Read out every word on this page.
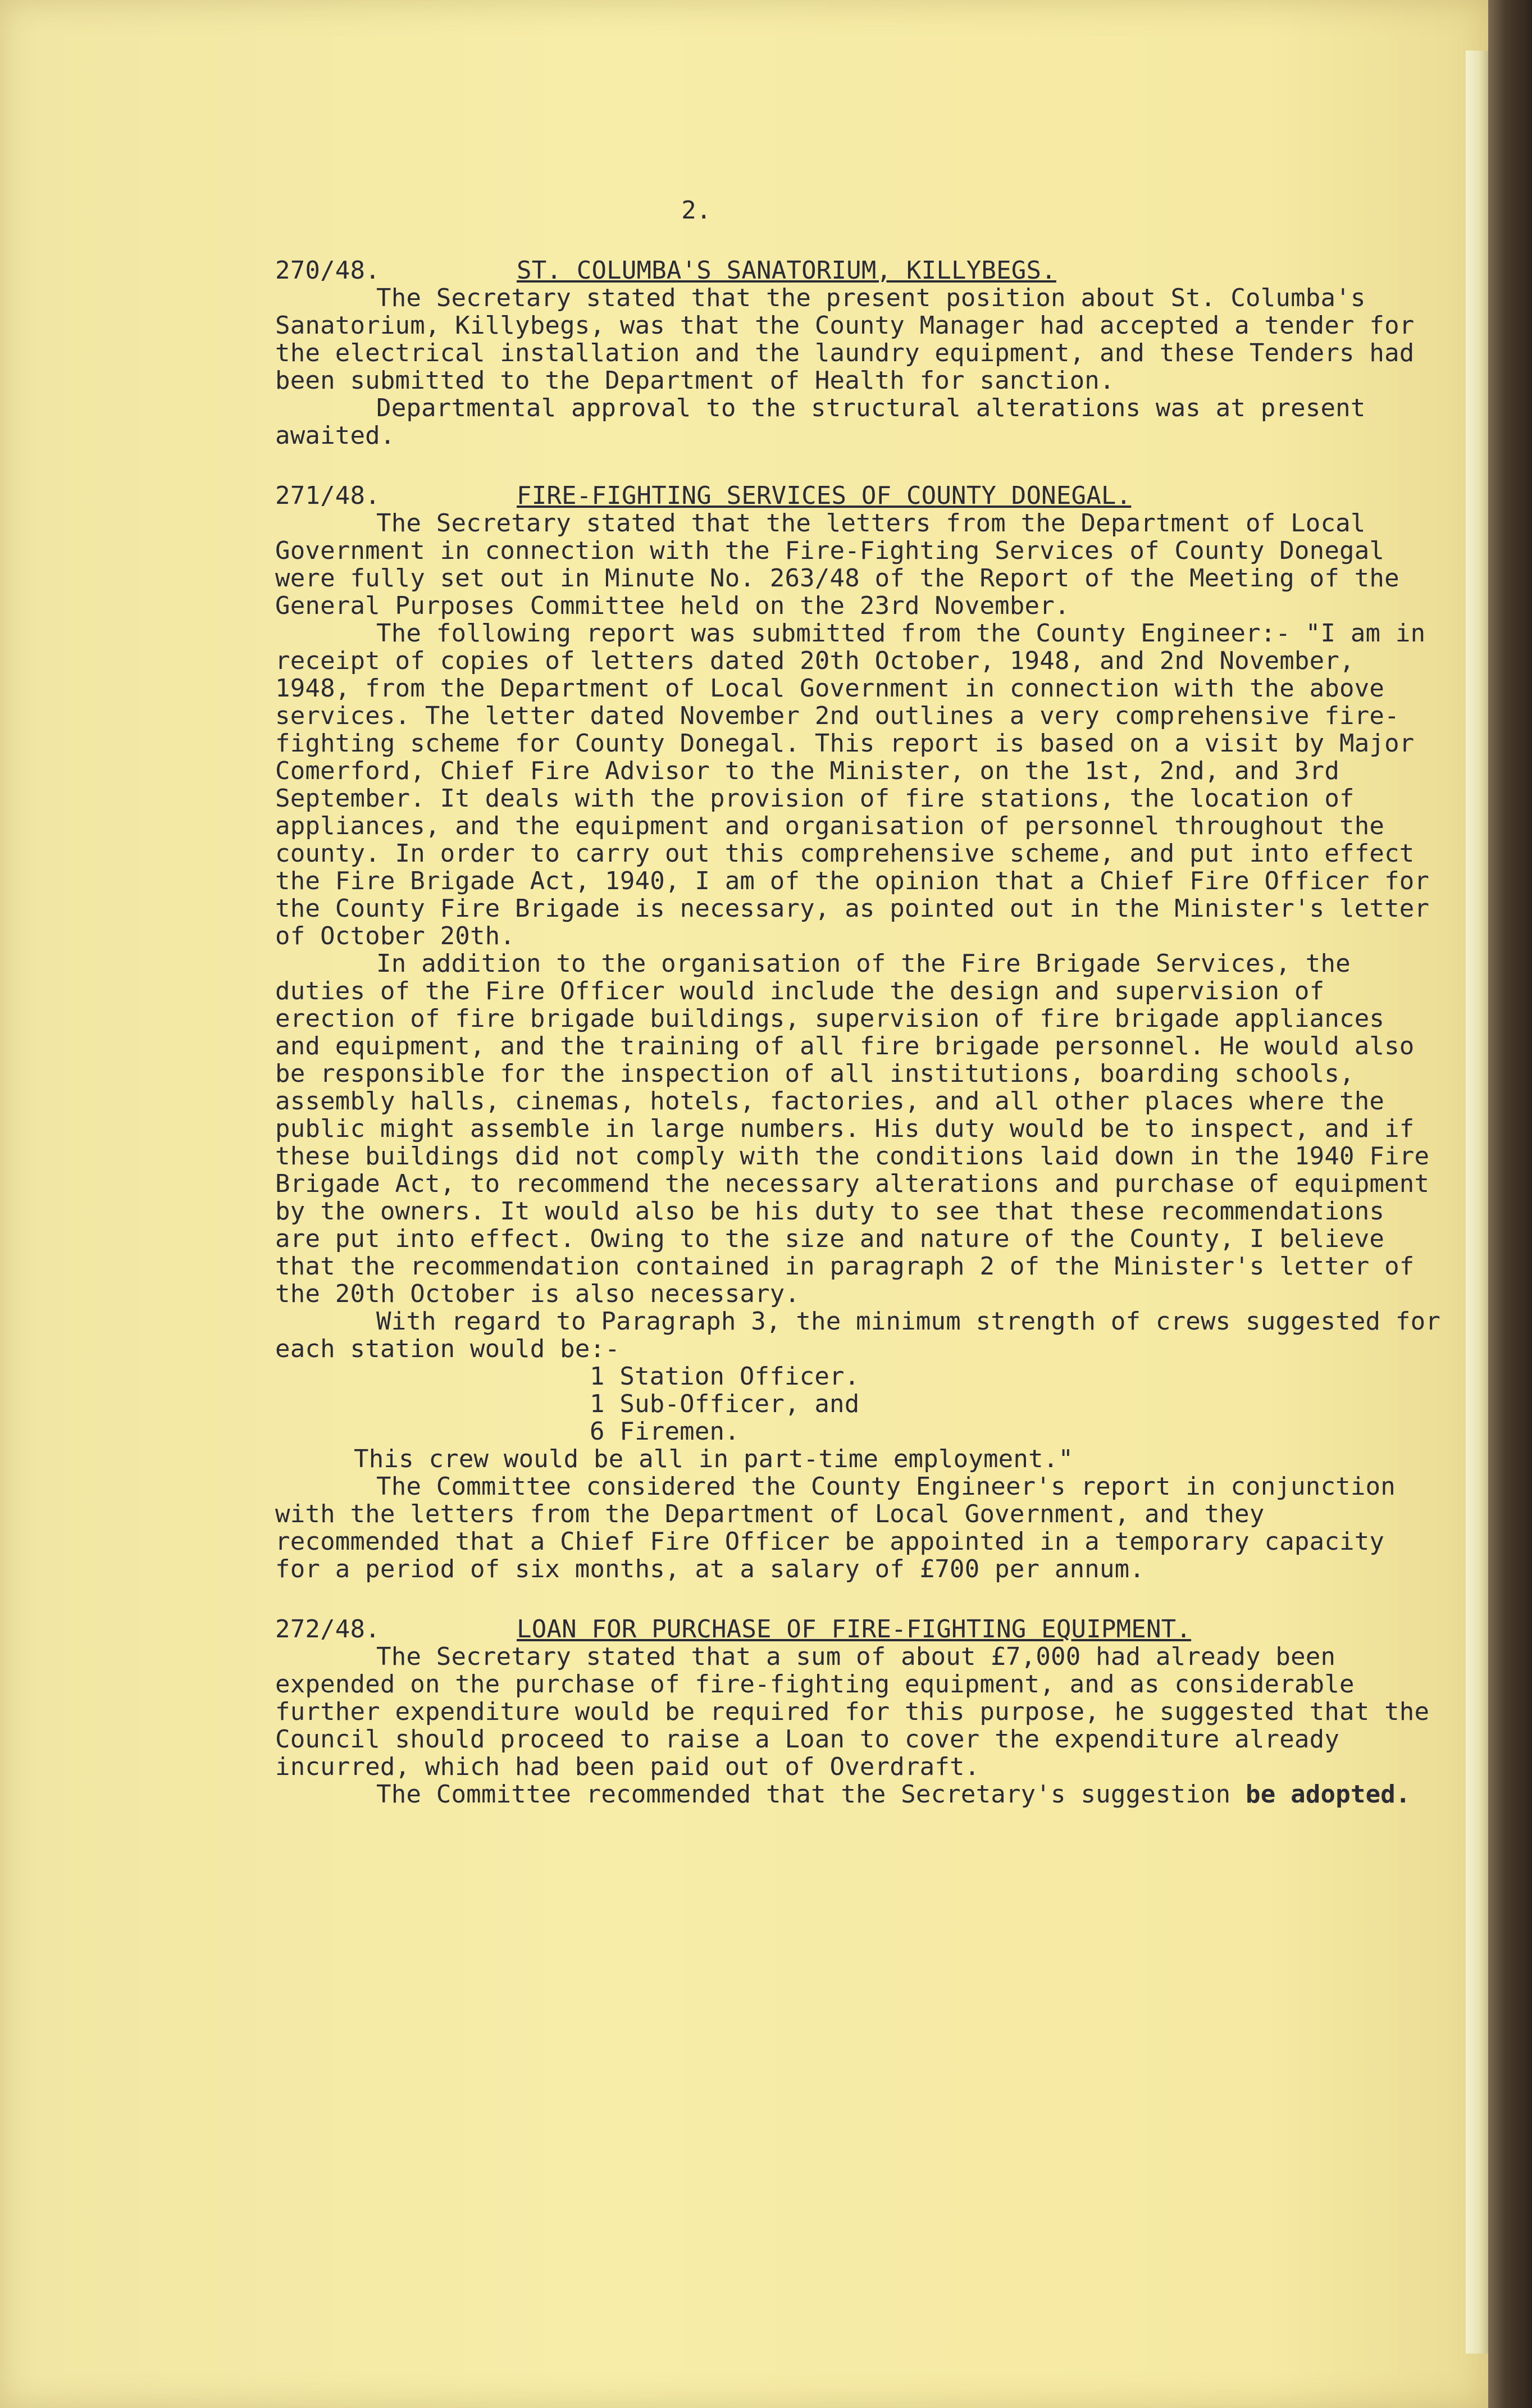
2.
270/48.	ST. COLUMBA'S SANATORIUM, KILLYBEGS.

The Secretary stated that the present position about St. Columba's Sanatorium, Killybegs, was that the County Manager had accepted a tender for the electrical installation and the laundry equipment, and these Tenders had been submitted to the Department of Health for sanction.

Departmental approval to the structural alterations was at present awaited.

271/48.	FIRE-FIGHTING SERVICES OF COUNTY DONEGAL.

The Secretary stated that the letters from the Department of Local Government in connection with the Fire-Fighting Services of County Donegal were fully set out in Minute No. 263/48 of the Report of the Meeting of the General Purposes Committee held on the 23rd November.

The following report was submitted from the County Engineer:- "I am in receipt of copies of letters dated 20th October, 1948, and 2nd November, 1948, from the Department of Local Government in connection with the above services. The letter dated November 2nd outlines a very comprehensive fire-fighting scheme for County Donegal. This report is based on a visit by Major Comerford, Chief Fire Advisor to the Minister, on the 1st, 2nd, and 3rd September. It deals with the provision of fire stations, the location of appliances, and the equipment and organisation of personnel throughout the county. In order to carry out this comprehensive scheme, and put into effect the Fire Brigade Act, 1940, I am of the opinion that a Chief Fire Officer for the County Fire Brigade is necessary, as pointed out in the Minister's letter of October 20th.

In addition to the organisation of the Fire Brigade Services, the duties of the Fire Officer would include the design and supervision of erection of fire brigade buildings, supervision of fire brigade appliances and equipment, and the training of all fire brigade personnel. He would also be responsible for the inspection of all institutions, boarding schools, assembly halls, cinemas, hotels, factories, and all other places where the public might assemble in large numbers. His duty would be to inspect, and if these buildings did not comply with the conditions laid down in the 1940 Fire Brigade Act, to recommend the necessary alterations and purchase of equipment by the owners. It would also be his duty to see that these recommendations are put into effect. Owing to the size and nature of the County, I believe that the recommendation contained in paragraph 2 of the Minister's letter of the 20th October is also necessary.

With regard to Paragraph 3, the minimum strength of crews suggested for each station would be:-

1 Station Officer.
1 Sub-Officer, and
6 Firemen.

This crew would be all in part-time employment."

The Committee considered the County Engineer's report in conjunction with the letters from the Department of Local Government, and they recommended that a Chief Fire Officer be appointed in a temporary capacity for a period of six months, at a salary of £700 per annum.

272/48.	LOAN FOR PURCHASE OF FIRE-FIGHTING EQUIPMENT.

The Secretary stated that a sum of about £7,000 had already been expended on the purchase of fire-fighting equipment, and as considerable further expenditure would be required for this purpose, he suggested that the Council should proceed to raise a Loan to cover the expenditure already incurred, which had been paid out of Overdraft.

The Committee recommended that the Secretary's suggestion be adopted.
